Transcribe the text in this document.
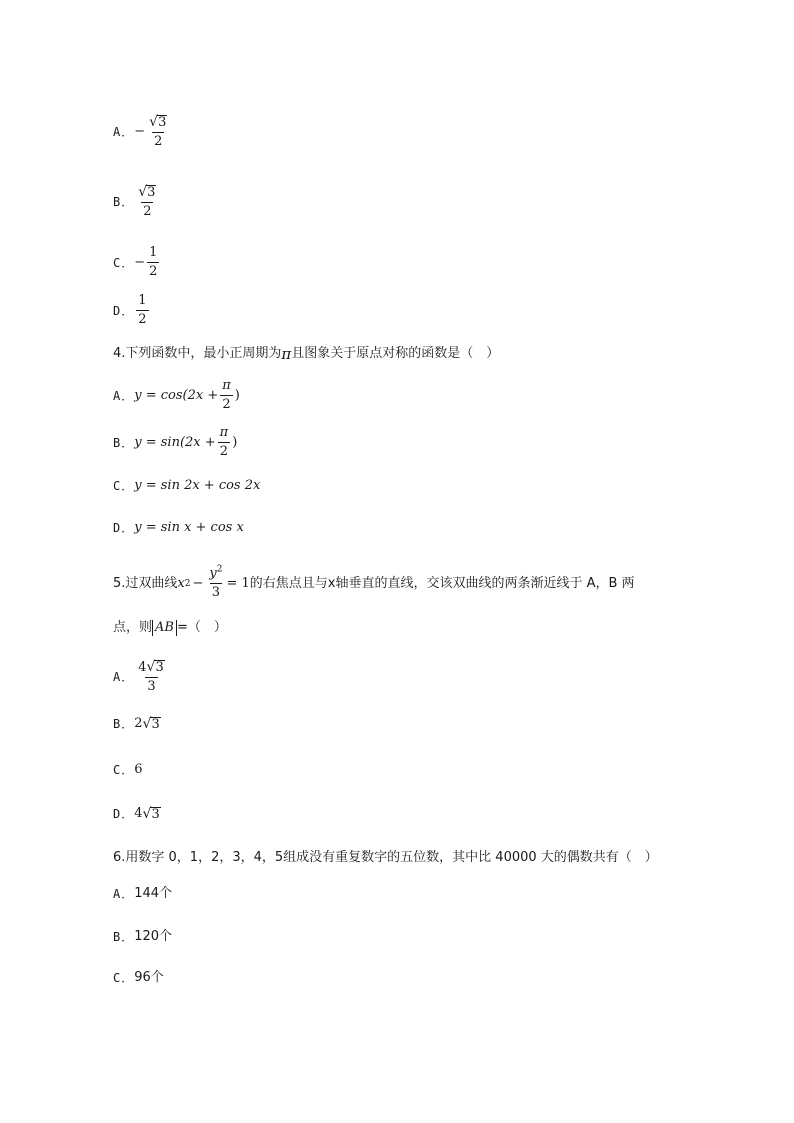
A． − $\frac{√ 3}{2}$
B． $\frac{√ 3}{2}$
C． − $\frac{1}{2}$
D． $\frac{1}{2}$
4.下列函数中，最小正周期为 π 且图象关于原点对称的函数是（　）
A． $y = \cos(2x + \frac{\pi}{2}$ )
B． $y = \sin(2x + \frac{\pi}{2}$ )
C． y = sin 2x + cos 2x
D． y = sin x + cos x
5.过双曲线 x $2 - \frac{y^2}{3} = 1$ 的右焦点且与x轴垂直的直线，交该双曲线的两条渐近线于 A，B 两
点，则 AB =（　）
A． $\frac{4 √ 3}{3}$
B． 2 √ 3
C． 6
D． 4 √ 3
6.用数字 0，1，2，3，4，5组成没有重复数字的五位数，其中比 40000 大的偶数共有（　）
A． 144个
B． 120个
C． 96个
